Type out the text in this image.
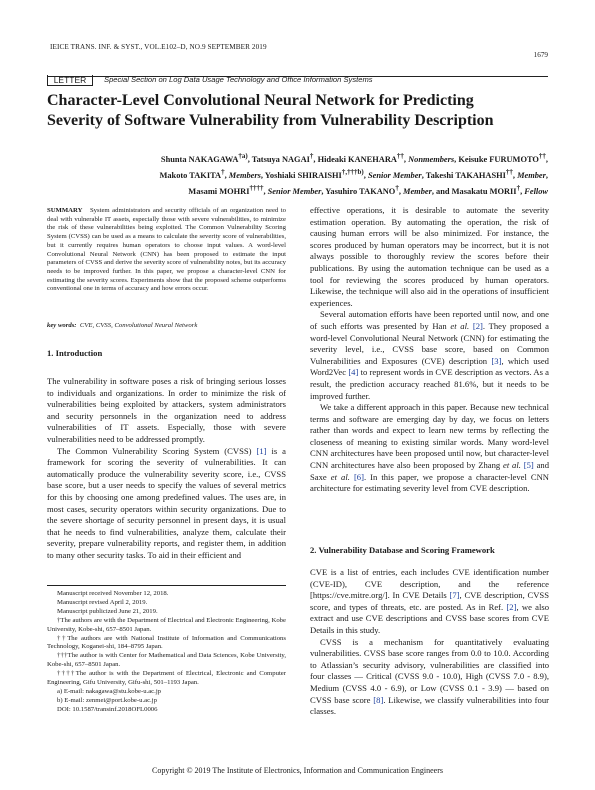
IEICE TRANS. INF. & SYST., VOL.E102–D, NO.9 SEPTEMBER 2019
1679
LETTER	Special Section on Log Data Usage Technology and Office Information Systems
Character-Level Convolutional Neural Network for Predicting
Severity of Software Vulnerability from Vulnerability Description
Shunta NAKAGAWA$^{\dagger a)}$, Tatsuya NAGAI†, Hideaki KANEHARA††, Nonmembers, Keisuke FURUMOTO††,
Makoto TAKITA†, Members, Yoshiaki $SHIRAISHI^{\dagger,\dagger\dagger\dagger b)}$, Senior Member, Takeshi TAKAHASHI††, Member,
Masami MOHRI††††, Senior Member, Yasuhiro TAKANO†, Member, and Masakatu MORII†, Fellow
SUMMARY System administrators and security officials of an organization need to deal with vulnerable IT assets, especially those with severe vulnerabilities, to minimize the risk of these vulnerabilities being exploited. The Common Vulnerability Scoring System (CVSS) can be used as a means to calculate the severity score of vulnerabilities, but it currently requires human operators to choose input values. A word-level Convolutional Neural Network (CNN) has been proposed to estimate the input parameters of CVSS and derive the severity score of vulnerability notes, but its accuracy needs to be improved further. In this paper, we propose a character-level CNN for estimating the severity scores. Experiments show that the proposed scheme outperforms conventional one in terms of accuracy and how errors occur.
key words: CVE, CVSS, Convolutional Neural Network
1. Introduction

The vulnerability in software poses a risk of bringing serious losses to individuals and organizations. In order to minimize the risk of vulnerabilities being exploited by attackers, system administrators and security personnels in the organization need to address vulnerabilities of IT assets. Especially, those with severe vulnerabilities need to be addressed promptly.

The Common Vulnerability Scoring System (CVSS) [1] is a framework for scoring the severity of vulnerabilities. It can automatically produce the vulnerability severity score, i.e., CVSS base score, but a user needs to specify the values of several metrics for this by choosing one among predefined values. The uses are, in most cases, security operators within security organizations. Due to the severe shortage of security personnel in present days, it is usual that he needs to find vulnerabilities, analyze them, calculate their severity, prepare vulnerability reports, and register them, in addition to many other security tasks. To aid in their efficient and

effective operations, it is desirable to automate the severity estimation operation. By automating the operation, the risk of causing human errors will be also minimized. For instance, the scores produced by human operators may be incorrect, but it is not always possible to thoroughly review the scores before their publications. By using the automation technique can be used as a tool for reviewing the scores produced by human operators. Likewise, the technique will also aid in the operations of insufficient experiences.

Several automation efforts have been reported until now, and one of such efforts was presented by Han et al. [2]. They proposed a word-level Convolutional Neural Network (CNN) for estimating the severity level, i.e., CVSS base score, based on Common Vulnerabilities and Exposures (CVE) description [3], which used Word2Vec [4] to represent words in CVE description as vectors. As a result, the prediction accuracy reached 81.6%, but it needs to be improved further.

We take a different approach in this paper. Because new technical terms and software are emerging day by day, we focus on letters rather than words and expect to learn new terms by reflecting the closeness of meaning to existing similar words. Many word-level CNN architectures have been proposed until now, but character-level CNN architectures have also been proposed by Zhang et al. [5] and Saxe et al. [6]. In this paper, we propose a character-level CNN architecture for estimating severity level from CVE description.

2. Vulnerability Database and Scoring Framework

CVE is a list of entries, each includes CVE identification number (CVE-ID), CVE description, and the reference [https://cve.mitre.org/]. In CVE Details [7], CVE description, CVSS score, and types of threats, etc. are posted. As in Ref. [2], we also extract and use CVE descriptions and CVSS base scores from CVE Details in this study.

CVSS is a mechanism for quantitatively evaluating vulnerabilities. CVSS base score ranges from 0.0 to 10.0. According to Atlassian’s security advisory, vulnerabilities are classified into four classes — Critical (CVSS 9.0 - 10.0), High (CVSS 7.0 - 8.9), Medium (CVSS 4.0 - 6.9), or Low (CVSS 0.1 - 3.9) — based on CVSS base score [8]. Likewise, we classify vulnerabilities into four classes.

Manuscript received November 12, 2018.

Manuscript revised April 2, 2019.

Manuscript publicized June 21, 2019.

†The authors are with the Department of Electrical and Electronic Engineering, Kobe University, Kobe-shi, 657–8501 Japan.

††The authors are with National Institute of Information and Communications Technology, Koganei-shi, 184–8795 Japan.

†††The author is with Center for Mathematical and Data Sciences, Kobe University, Kobe-shi, 657–8501 Japan.

††††The author is with the Department of Electrical, Electronic and Computer Engineering, Gifu University, Gifu-shi, 501–1193 Japan.

a) E-mail: nakagawa@stu.kobe-u.ac.jp

b) E-mail: zenmei@port.kobe-u.ac.jp

DOI: 10.1587/transinf.2018OFL0006

Copyright © 2019 The Institute of Electronics, Information and Communication Engineers
